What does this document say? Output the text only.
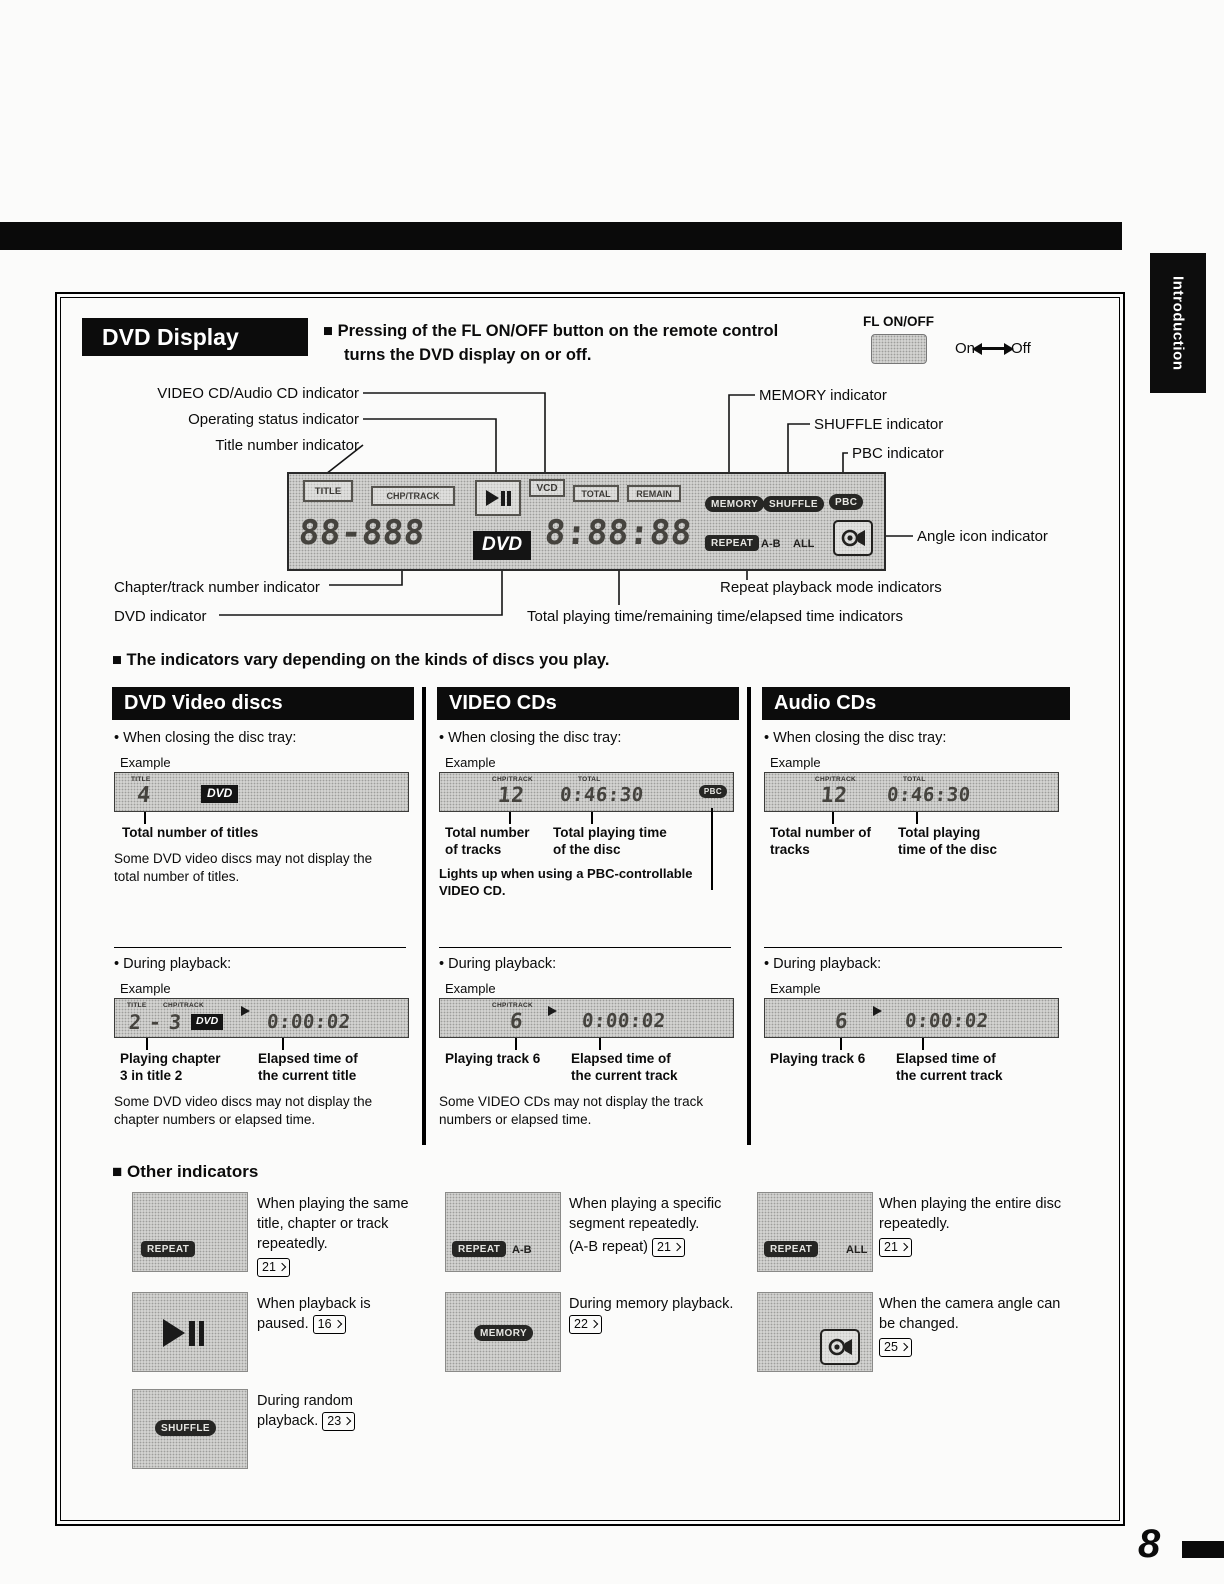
Introduction
DVD Display	■ Pressing of the FL ON/OFF button on the remote control
turns the DVD display on or off.
FL ON/OFF
On Off
VIDEO CD/Audio CD indicator
Operating status indicator
Title number indicator
MEMORY indicator
SHUFFLE indicator
PBC indicator
Angle icon indicator
Chapter/track number indicator
DVD indicator
Repeat playback mode indicators
Total playing time/remaining time/elapsed time indicators
TITLE	CHP/TRACK
VCD	TOTAL	REMAIN
MEMORY	SHUFFLE	PBC
88-888	DVD 8:88:88	REPEAT A-B ALL
■ The indicators vary depending on the kinds of discs you play.
DVD Video discs
• When closing the disc tray:
Example
TITLE
4	DVD
Total number of titles
Some DVD video discs may not display the total number of titles.
• During playback:
Example
TITLE	CHP/TRACK
2 - 3	DVD	0:00:02
Playing chapter
3 in title 2
Elapsed time of
the current title
Some DVD video discs may not display the chapter numbers or elapsed time.
VIDEO CDs
• When closing the disc tray:
Example
CHP/TRACK	TOTAL
12 0:46:30	PBC
Total number
of tracks
Total playing time
of the disc
Lights up when using a PBC-controllable VIDEO CD.
• During playback:
Example
CHP/TRACK
6	0:00:02
Playing track 6	Elapsed time of
the current track
Some VIDEO CDs may not display the track numbers or elapsed time.
Audio CDs
• When closing the disc tray:
Example
CHP/TRACK	TOTAL
12 0:46:30
Total number of
tracks
Total playing
time of the disc
• During playback:
Example
6	0:00:02
Playing track 6	Elapsed time of
the current track
■ Other indicators
REPEAT
When playing the same title, chapter or track repeatedly.
21
REPEAT	A-B
When playing a specific segment repeatedly.
(A-B repeat) 21	REPEAT	ALL
When playing the entire disc repeatedly.
21
When playback is paused. 16
MEMORY
During memory playback. 22
When the camera angle can be changed.
25
SHUFFLE
During random playback. 23
8
